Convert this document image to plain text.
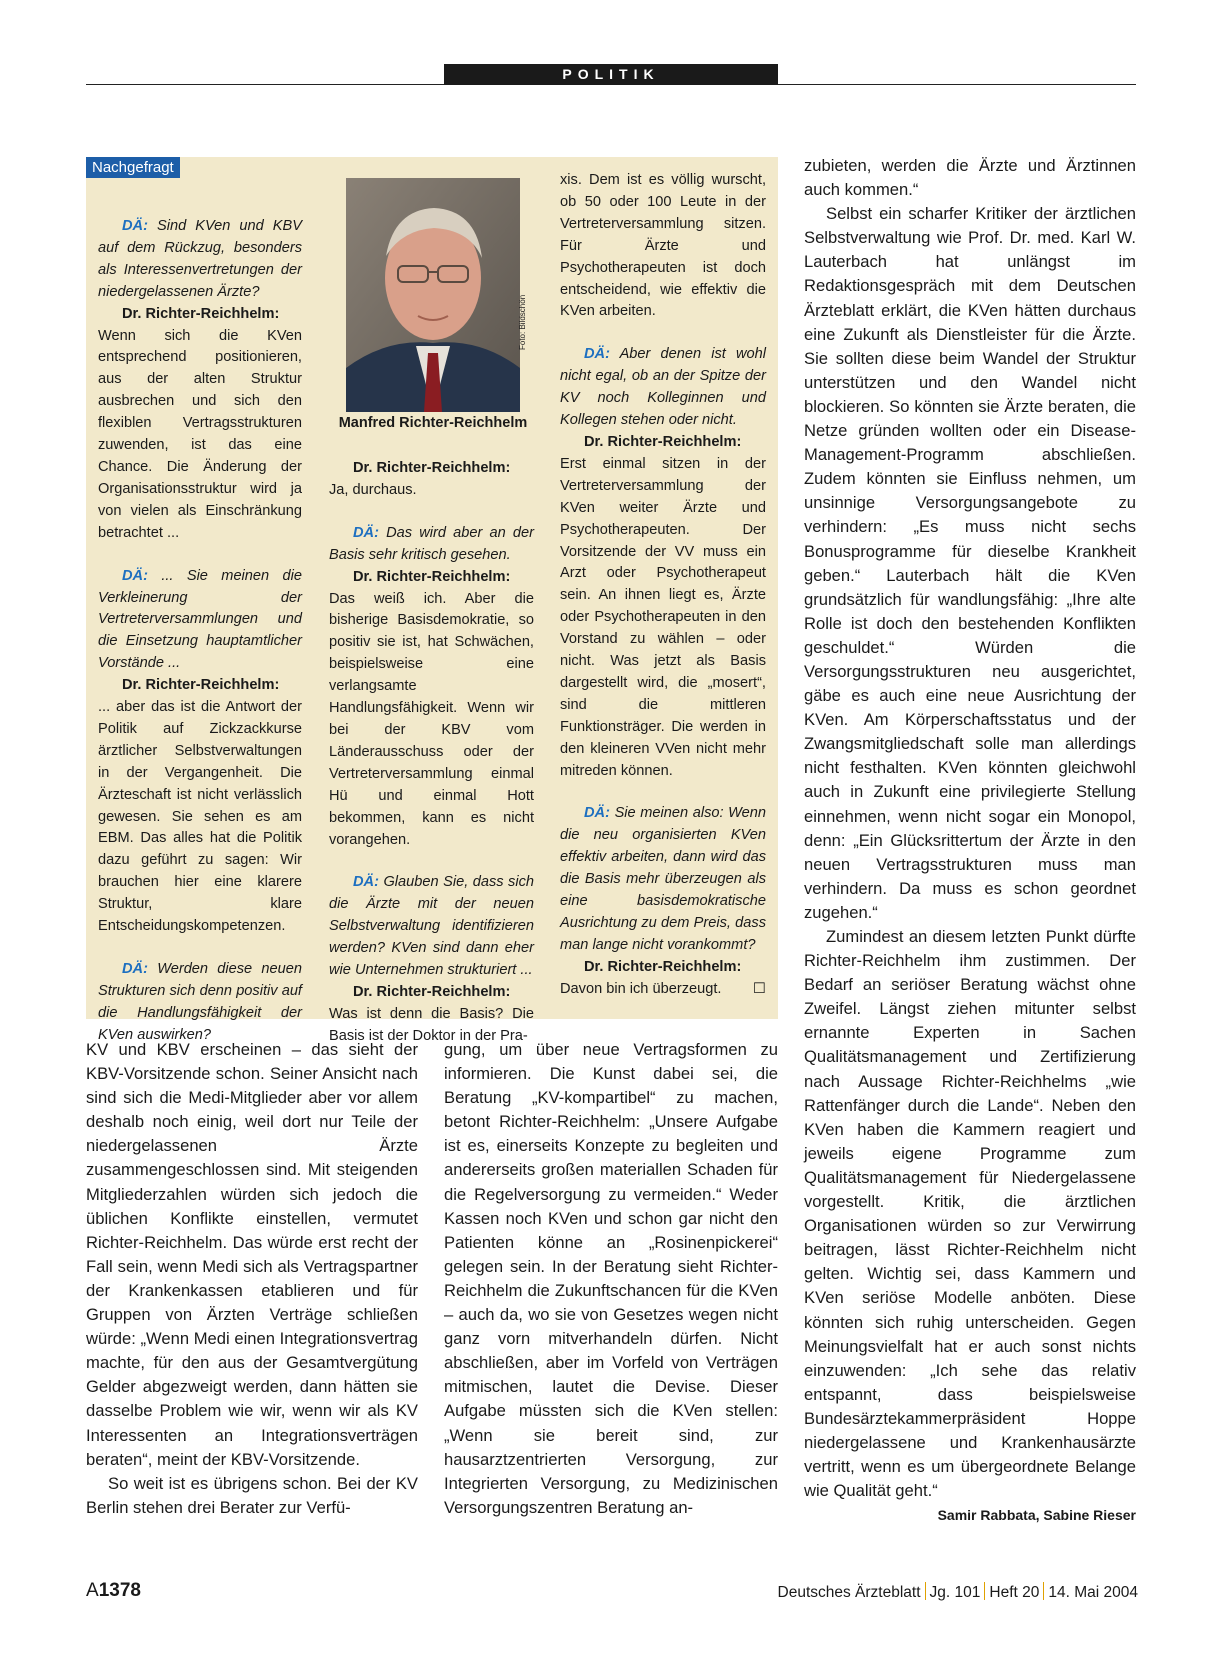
POLITIK
Nachgefragt

DÄ: Sind KVen und KBV auf dem Rückzug, besonders als Interessenvertretungen der niedergelassenen Ärzte?

Dr. Richter-Reichhelm:
Wenn sich die KVen entsprechend positionieren, aus der alten Struktur ausbrechen und sich den flexiblen Vertragsstrukturen zuwenden, ist das eine Chance. Die Änderung der Organisationsstruktur wird ja von vielen als Einschränkung betrachtet ...

DÄ: ... Sie meinen die Verkleinerung der Vertreterversammlungen und die Einsetzung hauptamtlicher Vorstände ...

Dr. Richter-Reichhelm:
... aber das ist die Antwort der Politik auf Zickzackkurse ärztlicher Selbstverwaltungen in der Vergangenheit. Die Ärzteschaft ist nicht verlässlich gewesen. Sie sehen es am EBM. Das alles hat die Politik dazu geführt zu sagen: Wir brauchen hier eine klarere Struktur, klare Entscheidungskompetenzen.

DÄ: Werden diese neuen Strukturen sich denn positiv auf die Handlungsfähigkeit der KVen auswirken?

Dr. Richter-Reichhelm:
Ja, durchaus.

DÄ: Das wird aber an der Basis sehr kritisch gesehen.

Dr. Richter-Reichhelm:
Das weiß ich. Aber die bisherige Basisdemokratie, so positiv sie ist, hat Schwächen, beispielsweise eine verlangsamte Handlungsfähigkeit. Wenn wir bei der KBV vom Länderausschuss oder der Vertreterversammlung einmal Hü und einmal Hott bekommen, kann es nicht vorangehen.

DÄ: Glauben Sie, dass sich die Ärzte mit der neuen Selbstverwaltung identifizieren werden? KVen sind dann eher wie Unternehmen strukturiert ...

Dr. Richter-Reichhelm:
Was ist denn die Basis? Die Basis ist der Doktor in der Pra-

xis. Dem ist es völlig wurscht, ob 50 oder 100 Leute in der Vertreterversammlung sitzen. Für Ärzte und Psychotherapeuten ist doch entscheidend, wie effektiv die KVen arbeiten.

DÄ: Aber denen ist wohl nicht egal, ob an der Spitze der KV noch Kolleginnen und Kollegen stehen oder nicht.

Dr. Richter-Reichhelm:
Erst einmal sitzen in der Vertreterversammlung der KVen weiter Ärzte und Psychotherapeuten. Der Vorsitzende der VV muss ein Arzt oder Psychotherapeut sein. An ihnen liegt es, Ärzte oder Psychotherapeuten in den Vorstand zu wählen – oder nicht. Was jetzt als Basis dargestellt wird, die „mosert“, sind die mittleren Funktionsträger. Die werden in den kleineren VVen nicht mehr mitreden können.

DÄ: Sie meinen also: Wenn die neu organisierten KVen effektiv arbeiten, dann wird das die Basis mehr überzeugen als eine basisdemokratische Ausrichtung zu dem Preis, dass man lange nicht vorankommt?

Dr. Richter-Reichhelm:
Davon bin ich überzeugt. ☐

Foto: Bildschön
Manfred Richter-Reichhelm

KV und KBV erscheinen – das sieht der KBV-Vorsitzende schon. Seiner Ansicht nach sind sich die Medi-Mitglieder aber vor allem deshalb noch einig, weil dort nur Teile der niedergelassenen Ärzte zusammengeschlossen sind. Mit steigenden Mitgliederzahlen würden sich jedoch die üblichen Konflikte einstellen, vermutet Richter-Reichhelm. Das würde erst recht der Fall sein, wenn Medi sich als Vertragspartner der Krankenkassen etablieren und für Gruppen von Ärzten Verträge schließen würde: „Wenn Medi einen Integrationsvertrag machte, für den aus der Gesamtvergütung Gelder abgezweigt werden, dann hätten sie dasselbe Problem wie wir, wenn wir als KV Interessenten an Integrationsverträgen beraten“, meint der KBV-Vorsitzende.

So weit ist es übrigens schon. Bei der KV Berlin stehen drei Berater zur Verfü-

gung, um über neue Vertragsformen zu informieren. Die Kunst dabei sei, die Beratung „KV-kompartibel“ zu machen, betont Richter-Reichhelm: „Unsere Aufgabe ist es, einerseits Konzepte zu begleiten und andererseits großen materiallen Schaden für die Regelversorgung zu vermeiden.“ Weder Kassen noch KVen und schon gar nicht den Patienten könne an „Rosinenpickerei“ gelegen sein. In der Beratung sieht Richter-Reichhelm die Zukunftschancen für die KVen – auch da, wo sie von Gesetzes wegen nicht ganz vorn mitverhandeln dürfen. Nicht abschließen, aber im Vorfeld von Verträgen mitmischen, lautet die Devise. Dieser Aufgabe müssten sich die KVen stellen: „Wenn sie bereit sind, zur hausarztzentrierten Versorgung, zur Integrierten Versorgung, zu Medizinischen Versorgungszentren Beratung an-

zubieten, werden die Ärzte und Ärztinnen auch kommen.“

Selbst ein scharfer Kritiker der ärztlichen Selbstverwaltung wie Prof. Dr. med. Karl W. Lauterbach hat unlängst im Redaktionsgespräch mit dem Deutschen Ärzteblatt erklärt, die KVen hätten durchaus eine Zukunft als Dienstleister für die Ärzte. Sie sollten diese beim Wandel der Struktur unterstützen und den Wandel nicht blockieren. So könnten sie Ärzte beraten, die Netze gründen wollten oder ein Disease-Management-Programm abschließen. Zudem könnten sie Einfluss nehmen, um unsinnige Versorgungsangebote zu verhindern: „Es muss nicht sechs Bonusprogramme für dieselbe Krankheit geben.“ Lauterbach hält die KVen grundsätzlich für wandlungsfähig: „Ihre alte Rolle ist doch den bestehenden Konflikten geschuldet.“ Würden die Versorgungsstrukturen neu ausgerichtet, gäbe es auch eine neue Ausrichtung der KVen. Am Körperschaftsstatus und der Zwangsmitgliedschaft solle man allerdings nicht festhalten. KVen könnten gleichwohl auch in Zukunft eine privilegierte Stellung einnehmen, wenn nicht sogar ein Monopol, denn: „Ein Glücksrittertum der Ärzte in den neuen Vertragsstrukturen muss man verhindern. Da muss es schon geordnet zugehen.“

Zumindest an diesem letzten Punkt dürfte Richter-Reichhelm ihm zustimmen. Der Bedarf an seriöser Beratung wächst ohne Zweifel. Längst ziehen mitunter selbst ernannte Experten in Sachen Qualitätsmanagement und Zertifizierung nach Aussage Richter-Reichhelms „wie Rattenfänger durch die Lande“. Neben den KVen haben die Kammern reagiert und jeweils eigene Programme zum Qualitätsmanagement für Niedergelassene vorgestellt. Kritik, die ärztlichen Organisationen würden so zur Verwirrung beitragen, lässt Richter-Reichhelm nicht gelten. Wichtig sei, dass Kammern und KVen seriöse Modelle anböten. Diese könnten sich ruhig unterscheiden. Gegen Meinungsvielfalt hat er auch sonst nichts einzuwenden: „Ich sehe das relativ entspannt, dass beispielsweise Bundesärztekammerpräsident Hoppe niedergelassene und Krankenhausärzte vertritt, wenn es um übergeordnete Belange wie Qualität geht.“
Samir Rabbata, Sabine Rieser

A1378	Deutsches Ärzteblatt Jg. 101 Heft 20 14. Mai 2004
